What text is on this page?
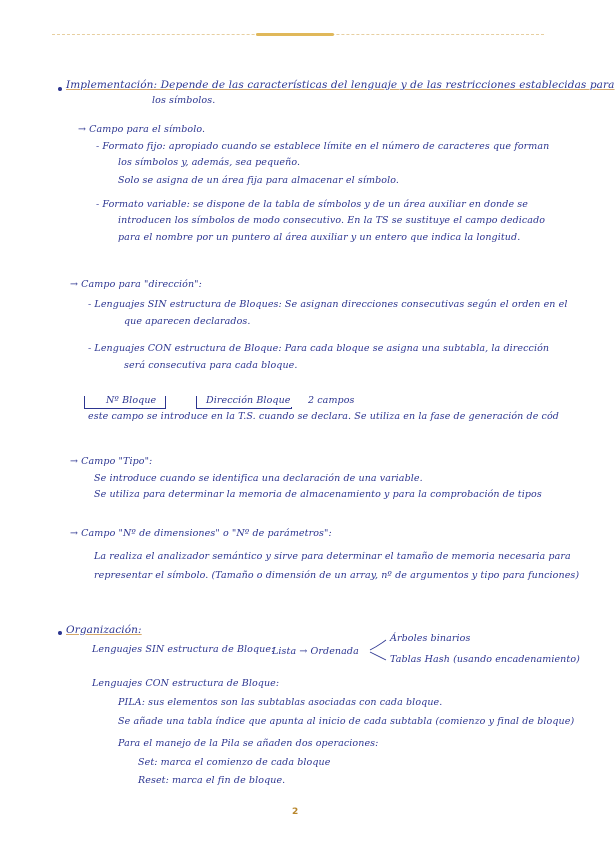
Implementación: Depende de las características del lenguaje y de las restricciones establecidas para
los símbolos.
→ Campo para el símbolo.
- Formato fijo: apropiado cuando se establece límite en el número de caracteres que forman
los símbolos y, además, sea pequeño.
Solo se asigna de un área fija para almacenar el símbolo.
- Formato variable: se dispone de la tabla de símbolos y de un área auxiliar en donde se
introducen los símbolos de modo consecutivo. En la TS se sustituye el campo dedicado
para el nombre por un puntero al área auxiliar y un entero que indica la longitud.
→ Campo para "dirección":
- Lenguajes SIN estructura de Bloques: Se asignan direcciones consecutivas según el orden en el
que aparecen declarados.
- Lenguajes CON estructura de Bloque: Para cada bloque se asigna una subtabla, la dirección
será consecutiva para cada bloque.
Nº Bloque	Dirección Bloque 2 campos
este campo se introduce en la T.S. cuando se declara. Se utiliza en la fase de generación de cód
→ Campo "Tipo":
Se introduce cuando se identifica una declaración de una variable.
Se utiliza para determinar la memoria de almacenamiento y para la comprobación de tipos
→ Campo "Nº de dimensiones" o "Nº de parámetros":
La realiza el analizador semántico y sirve para determinar el tamaño de memoria necesaria para
representar el símbolo. (Tamaño o dimensión de un array, nº de argumentos y tipo para funciones)
Organización:
Lenguajes SIN estructura de Bloque:
Lista → Ordenada
Árboles binarios
Tablas Hash (usando encadenamiento)
Lenguajes CON estructura de Bloque:
PILA: sus elementos son las subtablas asociadas con cada bloque.
Se añade una tabla índice que apunta al inicio de cada subtabla (comienzo y final de bloque)
Para el manejo de la Pila se añaden dos operaciones:
Set: marca el comienzo de cada bloque
Reset: marca el fin de bloque.
2
